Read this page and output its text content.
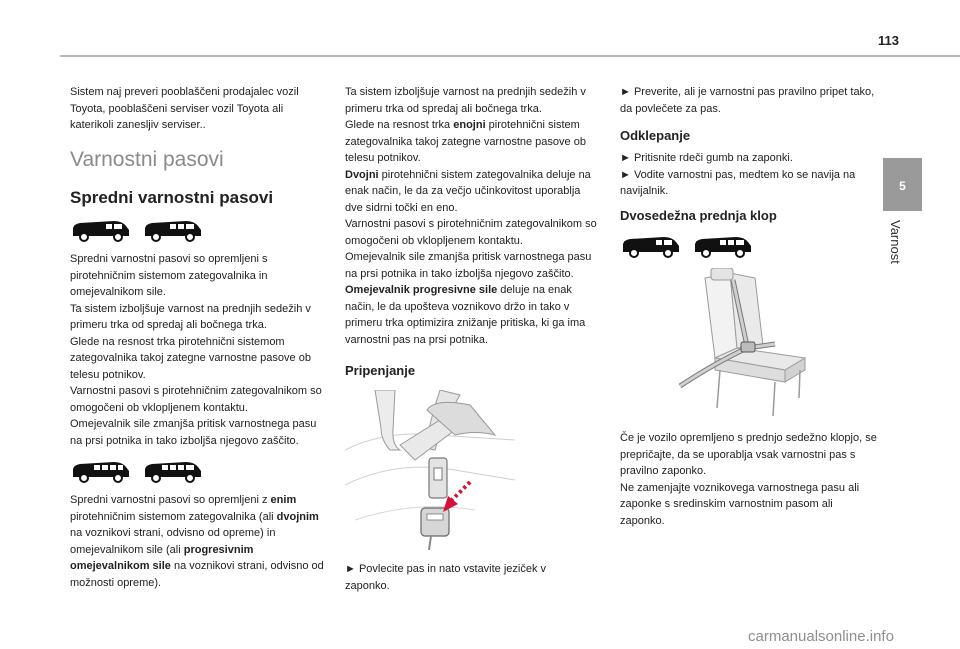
113
5
Varnost

Sistem naj preveri pooblaščeni prodajalec vozil Toyota, pooblaščeni serviser vozil Toyota ali katerikoli zanesljiv serviser..

Varnostni pasovi
Spredni varnostni pasovi

Spredni varnostni pasovi so opremljeni s pirotehničnim sistemom zategovalnika in omejevalnikom sile.

Ta sistem izboljšuje varnost na prednjih sedežih v primeru trka od spredaj ali bočnega trka.

Glede na resnost trka pirotehnični sistemom zategovalnika takoj zategne varnostne pasove ob telesu potnikov.

Varnostni pasovi s pirotehničnim zategovalnikom so omogočeni ob vklopljenem kontaktu.

Omejevalnik sile zmanjša pritisk varnostnega pasu na prsi potnika in tako izboljša njegovo zaščito.

Spredni varnostni pasovi so opremljeni z enim pirotehničnim sistemom zategovalnika (ali dvojnim na voznikovi strani, odvisno od opreme) in omejevalnikom sile (ali progresivnim omejevalnikom sile na voznikovi strani, odvisno od možnosti opreme).

Ta sistem izboljšuje varnost na prednjih sedežih v primeru trka od spredaj ali bočnega trka.

Glede na resnost trka enojni pirotehnični sistem zategovalnika takoj zategne varnostne pasove ob telesu potnikov.

Dvojni pirotehnični sistem zategovalnika deluje na enak način, le da za večjo učinkovitost uporablja dve sidrni točki en eno.

Varnostni pasovi s pirotehničnim zategovalnikom so omogočeni ob vklopljenem kontaktu.

Omejevalnik sile zmanjša pritisk varnostnega pasu na prsi potnika in tako izboljša njegovo zaščito.

Omejevalnik progresivne sile deluje na enak način, le da upošteva voznikovo držo in tako v primeru trka optimizira znižanje pritiska, ki ga ima varnostni pas na prsi potnika.

Pripenjanje

► Povlecite pas in nato vstavite jeziček v zaponko.

► Preverite, ali je varnostni pas pravilno pripet tako, da povlečete za pas.

Odklepanje

► Pritisnite rdeči gumb na zaponki.

► Vodite varnostni pas, medtem ko se navija na navijalnik.

Dvosedežna prednja klop

Če je vozilo opremljeno s prednjo sedežno klopjo, se prepričajte, da se uporablja vsak varnostni pas s pravilno zaponko.

Ne zamenjajte voznikovega varnostnega pasu ali zaponke s sredinskim varnostnim pasom ali zaponko.

carmanualsonline.info
